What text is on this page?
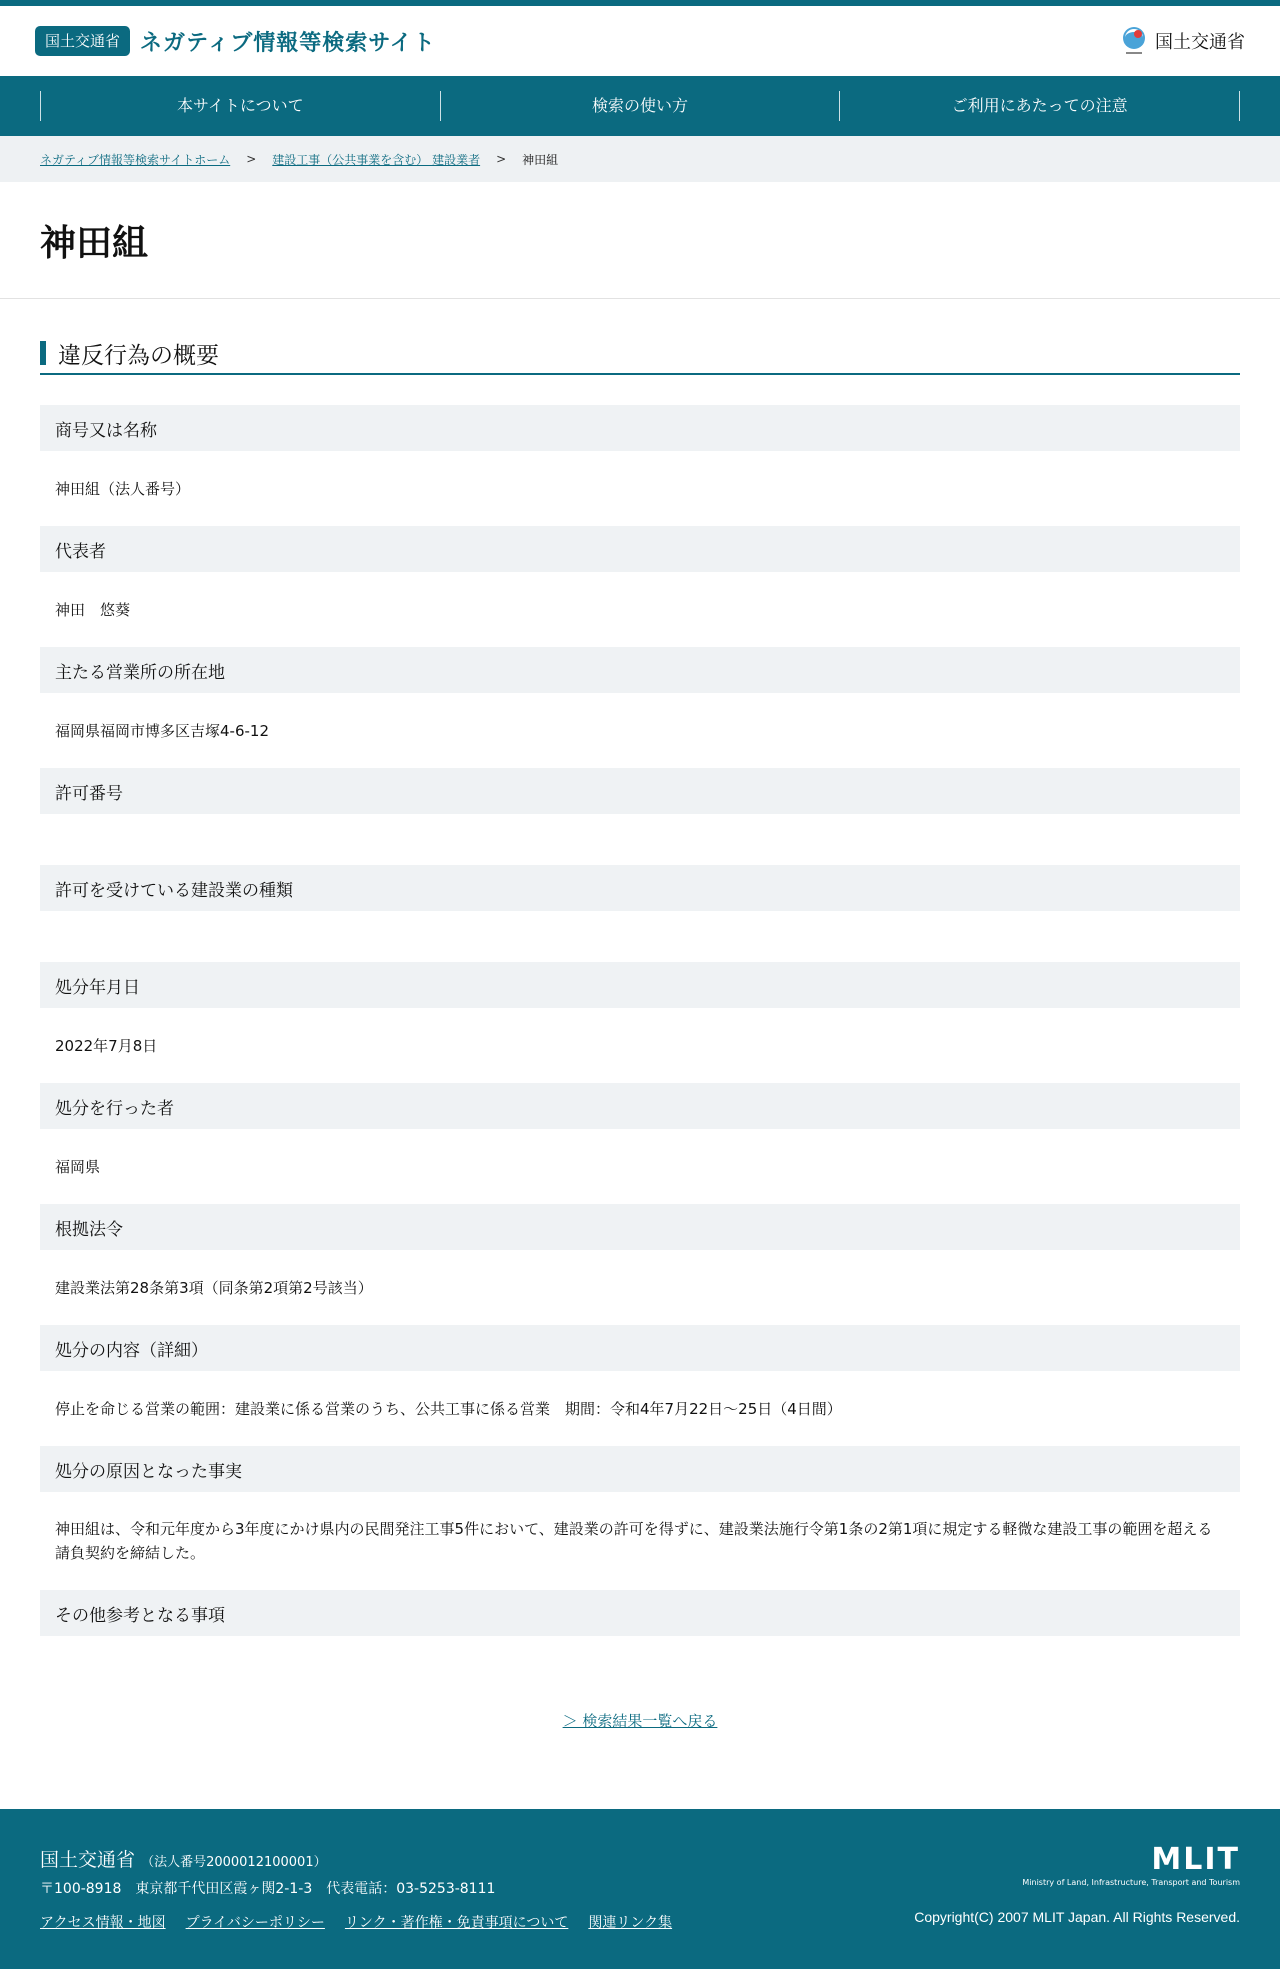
国土交通省 ネガティブ情報等検索サイト	国土交通省
本サイトについて	検索の使い方	ご利用にあたっての注意
ネガティブ情報等検索サイトホーム > 建設工事（公共事業を含む） 建設業者 > 神田組
神田組
違反行為の概要
商号又は名称
神田組（法人番号）
代表者
神田　悠葵
主たる営業所の所在地
福岡県福岡市博多区吉塚4-6-12
許可番号
許可を受けている建設業の種類
処分年月日
2022年7月8日
処分を行った者
福岡県
根拠法令
建設業法第28条第3項（同条第2項第2号該当）
処分の内容（詳細）
停止を命じる営業の範囲：建設業に係る営業のうち、公共工事に係る営業　期間：令和4年7月22日～25日（4日間）
処分の原因となった事実
神田組は、令和元年度から3年度にかけ県内の民間発注工事5件において、建設業の許可を得ずに、建設業法施行令第1条の2第1項に規定する軽微な建設工事の範囲を超える請負契約を締結した。
その他参考となる事項
＞ 検索結果一覧へ戻る
国土交通省 （法人番号2000012100001）
〒100-8918　東京都千代田区霞ヶ関2-1-3　代表電話：03-5253-8111
アクセス情報・地図 プライバシーポリシー リンク・著作権・免責事項について 関連リンク集
MLIT
Ministry of Land, Infrastructure, Transport and Tourism
Copyright(C) 2007 MLIT Japan. All Rights Reserved.
